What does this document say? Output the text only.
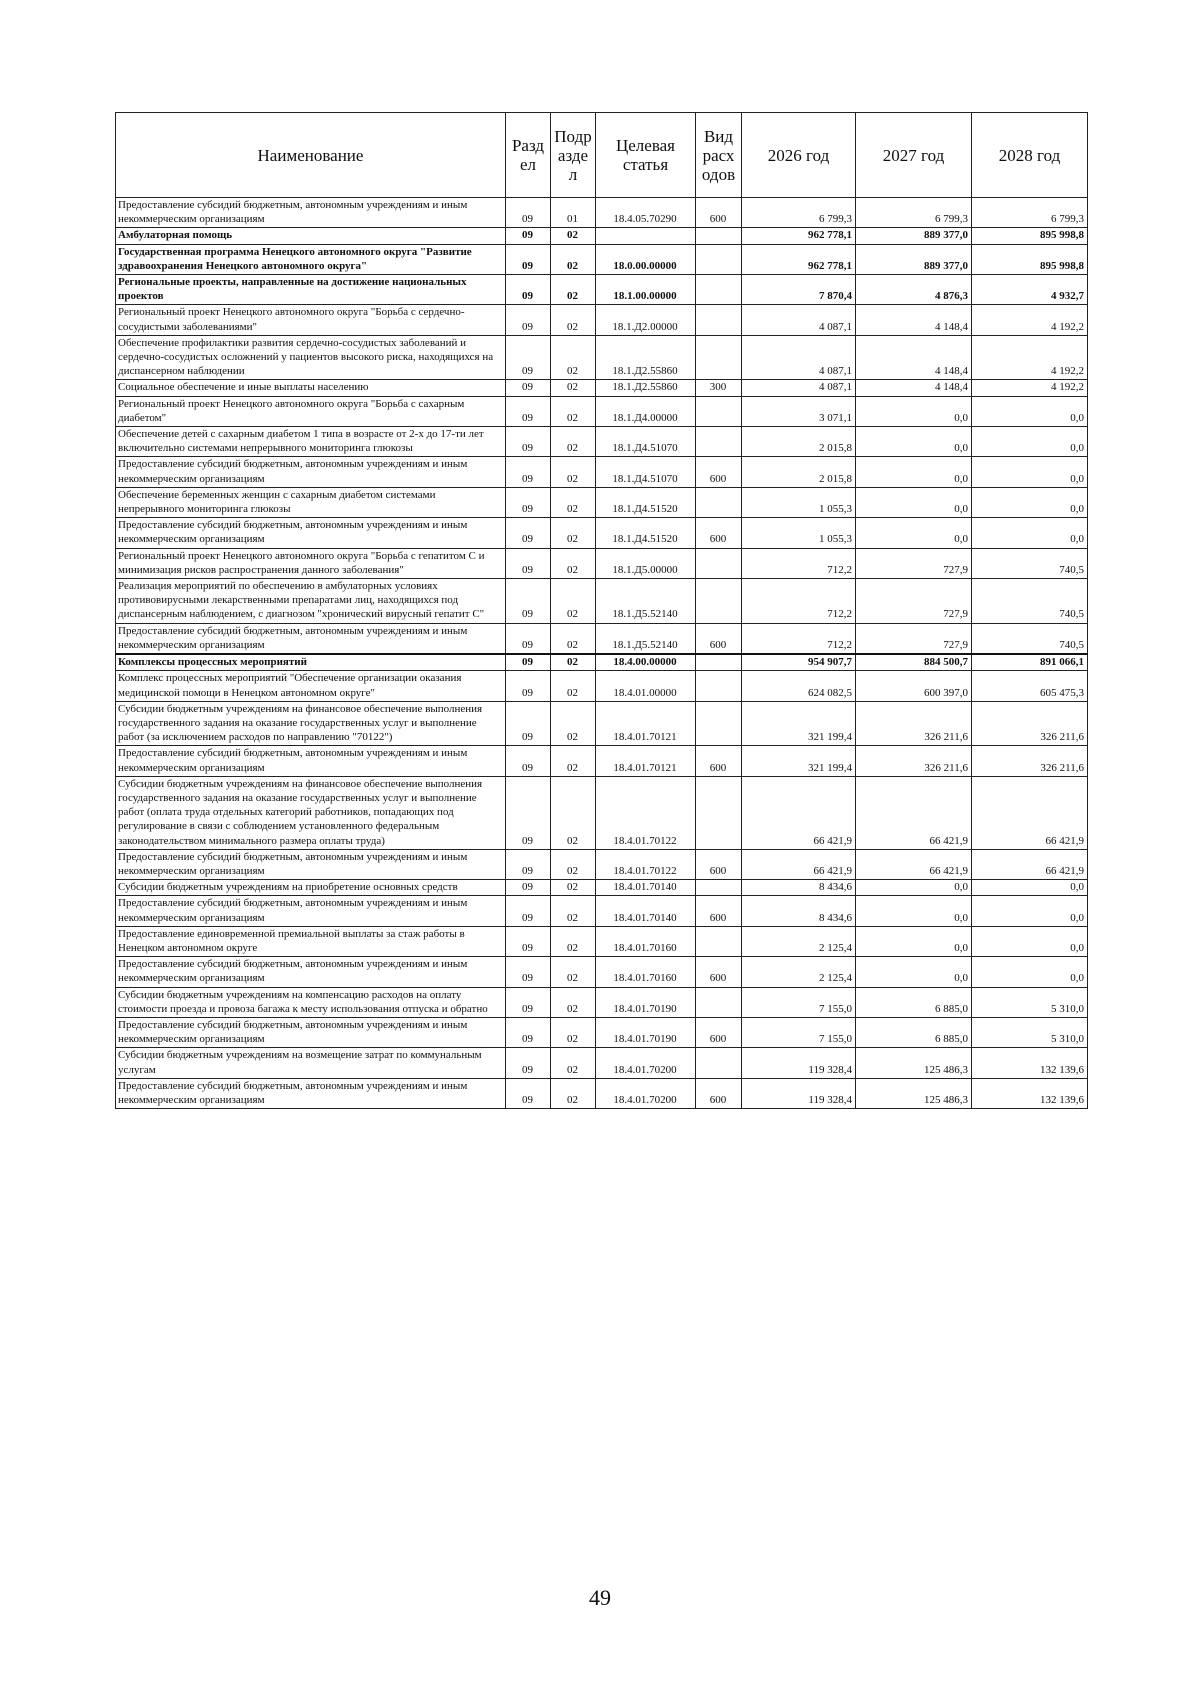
Наименование	Разд ел	Подр азде л	Целевая статья	Вид расх одов	2026 год	2027 год	2028 год
Предоставление субсидий бюджетным, автономным учреждениям и иным некоммерческим организациям	09	01	18.4.05.70290	600	6 799,3	6 799,3	6 799,3
Амбулаторная помощь	09	02			962 778,1	889 377,0	895 998,8
Государственная программа Ненецкого автономного округа "Развитие здравоохранения Ненецкого автономного округа"	09	02	18.0.00.00000		962 778,1	889 377,0	895 998,8
Региональные проекты, направленные на достижение национальных проектов	09	02	18.1.00.00000		7 870,4	4 876,3	4 932,7
Региональный проект Ненецкого автономного округа "Борьба с сердечно-сосудистыми заболеваниями"	09	02	18.1.Д2.00000		4 087,1	4 148,4	4 192,2
Обеспечение профилактики развития сердечно-сосудистых заболеваний и сердечно-сосудистых осложнений у пациентов высокого риска, находящихся на диспансерном наблюдении	09	02	18.1.Д2.55860		4 087,1	4 148,4	4 192,2
Социальное обеспечение и иные выплаты населению	09	02	18.1.Д2.55860	300	4 087,1	4 148,4	4 192,2
Региональный проект Ненецкого автономного округа "Борьба с сахарным диабетом"	09	02	18.1.Д4.00000		3 071,1	0,0	0,0
Обеспечение детей с сахарным диабетом 1 типа в возрасте от 2-х до 17-ти лет включительно системами непрерывного мониторинга глюкозы	09	02	18.1.Д4.51070		2 015,8	0,0	0,0
Предоставление субсидий бюджетным, автономным учреждениям и иным некоммерческим организациям	09	02	18.1.Д4.51070	600	2 015,8	0,0	0,0
Обеспечение беременных женщин с сахарным диабетом системами непрерывного мониторинга глюкозы	09	02	18.1.Д4.51520		1 055,3	0,0	0,0
Предоставление субсидий бюджетным, автономным учреждениям и иным некоммерческим организациям	09	02	18.1.Д4.51520	600	1 055,3	0,0	0,0
Региональный проект Ненецкого автономного округа "Борьба с гепатитом С и минимизация рисков распространения данного заболевания"	09	02	18.1.Д5.00000		712,2	727,9	740,5
Реализация мероприятий по обеспечению в амбулаторных условиях противовирусными лекарственными препаратами лиц, находящихся под диспансерным наблюдением, с диагнозом "хронический вирусный гепатит С"	09	02	18.1.Д5.52140		712,2	727,9	740,5
Предоставление субсидий бюджетным, автономным учреждениям и иным некоммерческим организациям	09	02	18.1.Д5.52140	600	712,2	727,9	740,5
Комплексы процессных мероприятий	09	02	18.4.00.00000		954 907,7	884 500,7	891 066,1
Комплекс процессных мероприятий "Обеспечение организации оказания медицинской помощи в Ненецком автономном округе"	09	02	18.4.01.00000		624 082,5	600 397,0	605 475,3
Субсидии бюджетным учреждениям на финансовое обеспечение выполнения государственного задания на оказание государственных услуг и выполнение работ (за исключением расходов по направлению "70122")	09	02	18.4.01.70121		321 199,4	326 211,6	326 211,6
Предоставление субсидий бюджетным, автономным учреждениям и иным некоммерческим организациям	09	02	18.4.01.70121	600	321 199,4	326 211,6	326 211,6
Субсидии бюджетным учреждениям на финансовое обеспечение выполнения государственного задания на оказание государственных услуг и выполнение работ (оплата труда отдельных категорий работников, попадающих под регулирование в связи с соблюдением установленного федеральным законодательством минимального размера оплаты труда)	09	02	18.4.01.70122		66 421,9	66 421,9	66 421,9
Предоставление субсидий бюджетным, автономным учреждениям и иным некоммерческим организациям	09	02	18.4.01.70122	600	66 421,9	66 421,9	66 421,9
Субсидии бюджетным учреждениям на приобретение основных средств	09	02	18.4.01.70140		8 434,6	0,0	0,0
Предоставление субсидий бюджетным, автономным учреждениям и иным некоммерческим организациям	09	02	18.4.01.70140	600	8 434,6	0,0	0,0
Предоставление единовременной премиальной выплаты за стаж работы в Ненецком автономном округе	09	02	18.4.01.70160		2 125,4	0,0	0,0
Предоставление субсидий бюджетным, автономным учреждениям и иным некоммерческим организациям	09	02	18.4.01.70160	600	2 125,4	0,0	0,0
Субсидии бюджетным учреждениям на компенсацию расходов на оплату стоимости проезда и провоза багажа к месту использования отпуска и обратно	09	02	18.4.01.70190		7 155,0	6 885,0	5 310,0
Предоставление субсидий бюджетным, автономным учреждениям и иным некоммерческим организациям	09	02	18.4.01.70190	600	7 155,0	6 885,0	5 310,0
Субсидии бюджетным учреждениям на возмещение затрат по коммунальным услугам	09	02	18.4.01.70200		119 328,4	125 486,3	132 139,6
Предоставление субсидий бюджетным, автономным учреждениям и иным некоммерческим организациям	09	02	18.4.01.70200	600	119 328,4	125 486,3	132 139,6
49
